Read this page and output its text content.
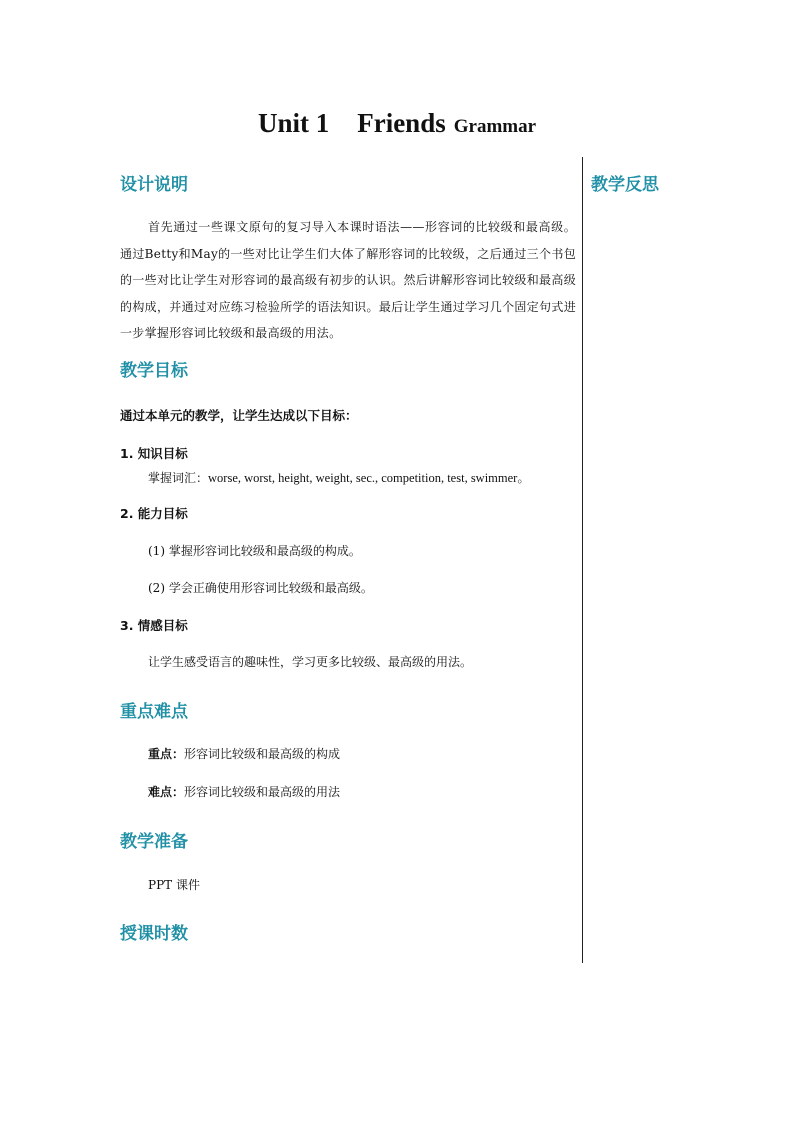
Unit 1 Friends Grammar
教学反思
设计说明
首先通过一些课文原句的复习导入本课时语法——形容词的比较级和最高级。通过Betty和May的一些对比让学生们大体了解形容词的比较级，之后通过三个书包的一些对比让学生对形容词的最高级有初步的认识。然后讲解形容词比较级和最高级的构成，并通过对应练习检验所学的语法知识。最后让学生通过学习几个固定句式进一步掌握形容词比较级和最高级的用法。
教学目标
通过本单元的教学，让学生达成以下目标：
1. 知识目标
掌握词汇：worse, worst, height, weight, sec., competition, test, swimmer。
2. 能力目标
(1) 掌握形容词比较级和最高级的构成。
(2) 学会正确使用形容词比较级和最高级。
3. 情感目标
让学生感受语言的趣味性，学习更多比较级、最高级的用法。
重点难点
重点：形容词比较级和最高级的构成
难点：形容词比较级和最高级的用法
教学准备
PPT 课件
授课时数
